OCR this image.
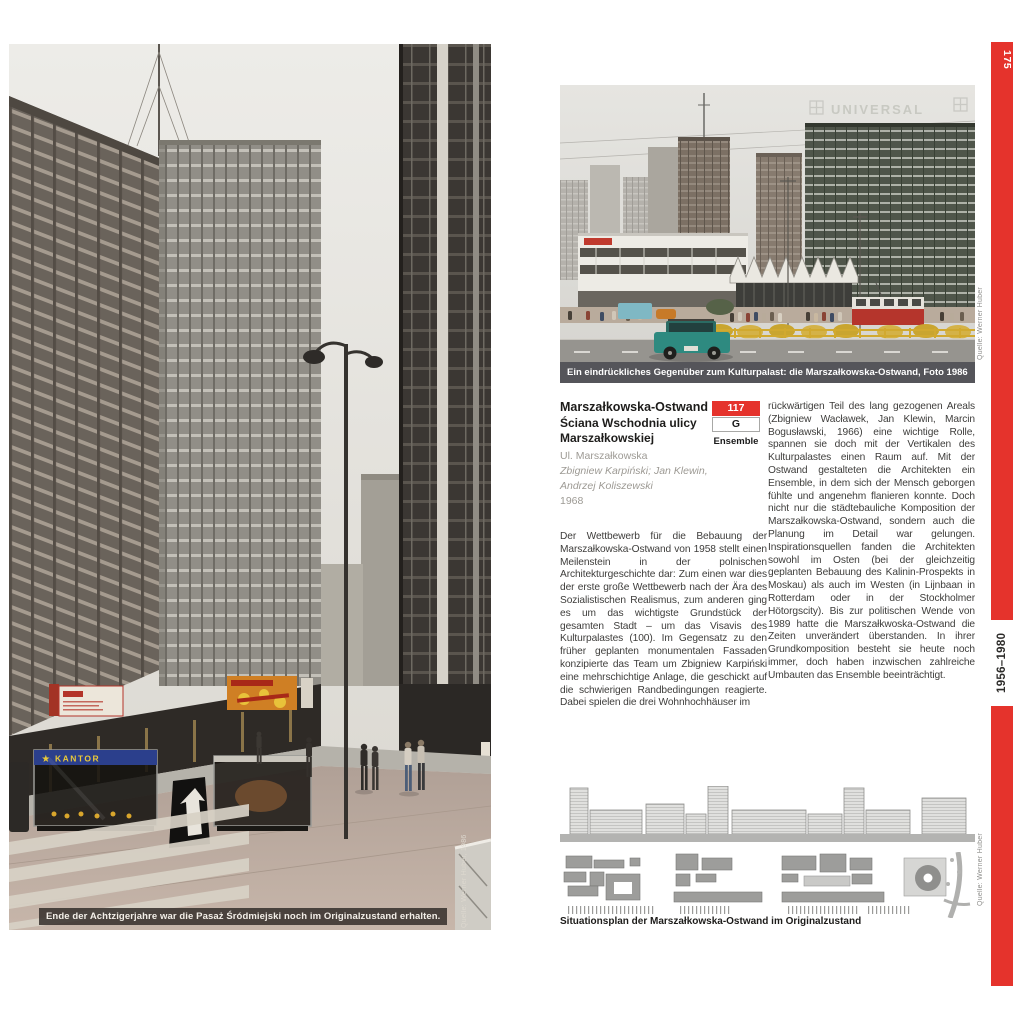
★ KANTOR
Ende der Achtzigerjahre war die Pasaż Śródmiejski noch im Originalzustand erhalten.	Quelle: Werner Huber, 1986
UNIVERSAL
Ein eindrückliches Gegenüber zum Kulturpalast: die Marszałkowska-Ostwand, Foto 1986
Quelle: Werner Huber
Marszałkowska-Ostwand
Ściana Wschodnia ulicy Marszałkowskiej
Ul. Marszałkowska
Zbigniew Karpiński; Jan Klewin, Andrzej Koliszewski
1968
117
G
Ensemble
Der Wettbewerb für die Bebauung der Marszałkowska-Ostwand von 1958 stellt einen Meilenstein in der polnischen Architekturgeschichte dar: Zum einen war dies der erste große Wettbewerb nach der Ära des Sozialistischen Realismus, zum anderen ging es um das wichtigste Grundstück der gesamten Stadt – um das Visavis des Kulturpalastes (100). Im Gegensatz zu den früher geplanten monumentalen Fassaden konzipierte das Team um Zbigniew Karpiński eine mehrschichtige Anlage, die geschickt auf die schwierigen Randbedingungen reagierte. Dabei spielen die drei Wohnhochhäuser im
rückwärtigen Teil des lang gezogenen Areals (Zbigniew Wacławek, Jan Klewin, Marcin Bogusławski, 1966) eine wichtige Rolle, spannen sie doch mit der Vertikalen des Kulturpalastes einen Raum auf. Mit der Ostwand gestalteten die Architekten ein Ensemble, in dem sich der Mensch geborgen fühlte und angenehm flanieren konnte. Doch nicht nur die städtebauliche Komposition der Marszałkowska-Ostwand, sondern auch die Planung im Detail war gelungen. Inspirationsquellen fanden die Architekten sowohl im Osten (bei der gleichzeitig geplanten Bebauung des Kalinin-Prospekts in Moskau) als auch im Westen (in Lijnbaan in Rotterdam oder in der Stockholmer Hötorgscity). Bis zur politischen Wende von 1989 hatte die Marszałkwoska-Ostwand die Zeiten unverändert überstanden. In ihrer Grundkomposition besteht sie heute noch immer, doch haben inzwischen zahlreiche Umbauten das Ensemble beeinträchtigt.
Situationsplan der Marszałkowska-Ostwand im Originalzustand
Quelle: Werner Huber
1956–1980
175
